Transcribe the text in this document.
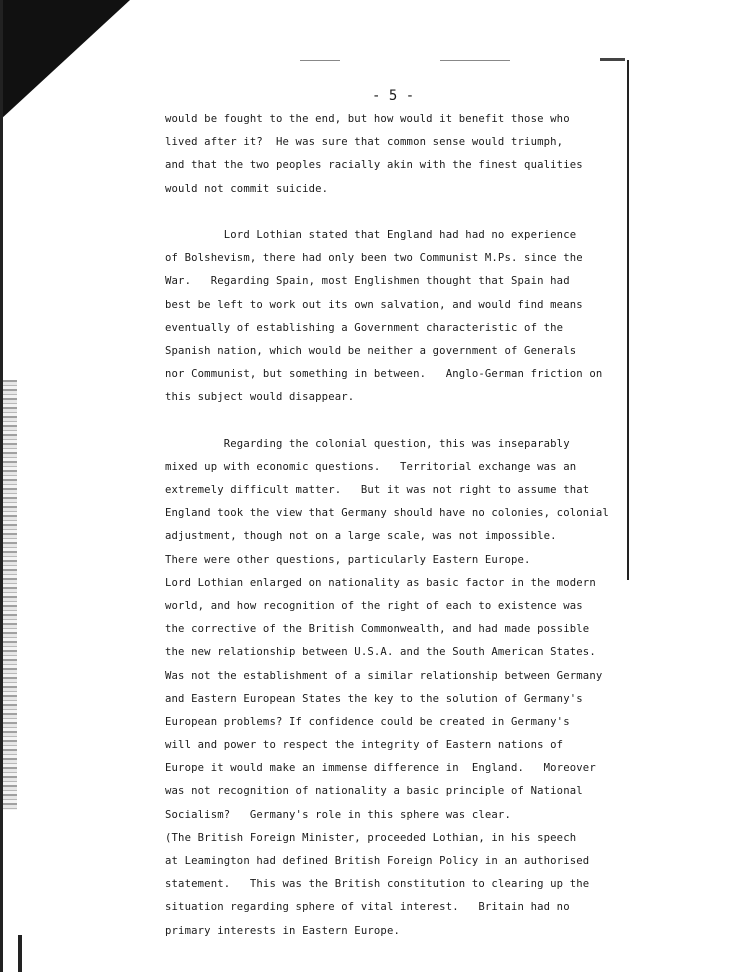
- 5 -
would be fought to the end, but how would it benefit those who
lived after it?  He was sure that common sense would triumph,
and that the two peoples racially akin with the finest qualities
would not commit suicide.
Lord Lothian stated that England had had no experience
of Bolshevism, there had only been two Communist M.Ps. since the
War.   Regarding Spain, most Englishmen thought that Spain had
best be left to work out its own salvation, and would find means
eventually of establishing a Government characteristic of the
Spanish nation, which would be neither a government of Generals
nor Communist, but something in between.   Anglo-German friction on
this subject would disappear.
Regarding the colonial question, this was inseparably
mixed up with economic questions.   Territorial exchange was an
extremely difficult matter.   But it was not right to assume that
England took the view that Germany should have no colonies, colonial
adjustment, though not on a large scale, was not impossible.
There were other questions, particularly Eastern Europe.
Lord Lothian enlarged on nationality as basic factor in the modern
world, and how recognition of the right of each to existence was
the corrective of the British Commonwealth, and had made possible
the new relationship between U.S.A. and the South American States.
Was not the establishment of a similar relationship between Germany
and Eastern European States the key to the solution of Germany's
European problems? If confidence could be created in Germany's
will and power to respect the integrity of Eastern nations of
Europe it would make an immense difference in  England.   Moreover
was not recognition of nationality a basic principle of National
Socialism?   Germany's role in this sphere was clear.
(The British Foreign Minister, proceeded Lothian, in his speech
at Leamington had defined British Foreign Policy in an authorised
statement.   This was the British constitution to clearing up the
situation regarding sphere of vital interest.   Britain had no
primary interests in Eastern Europe.
